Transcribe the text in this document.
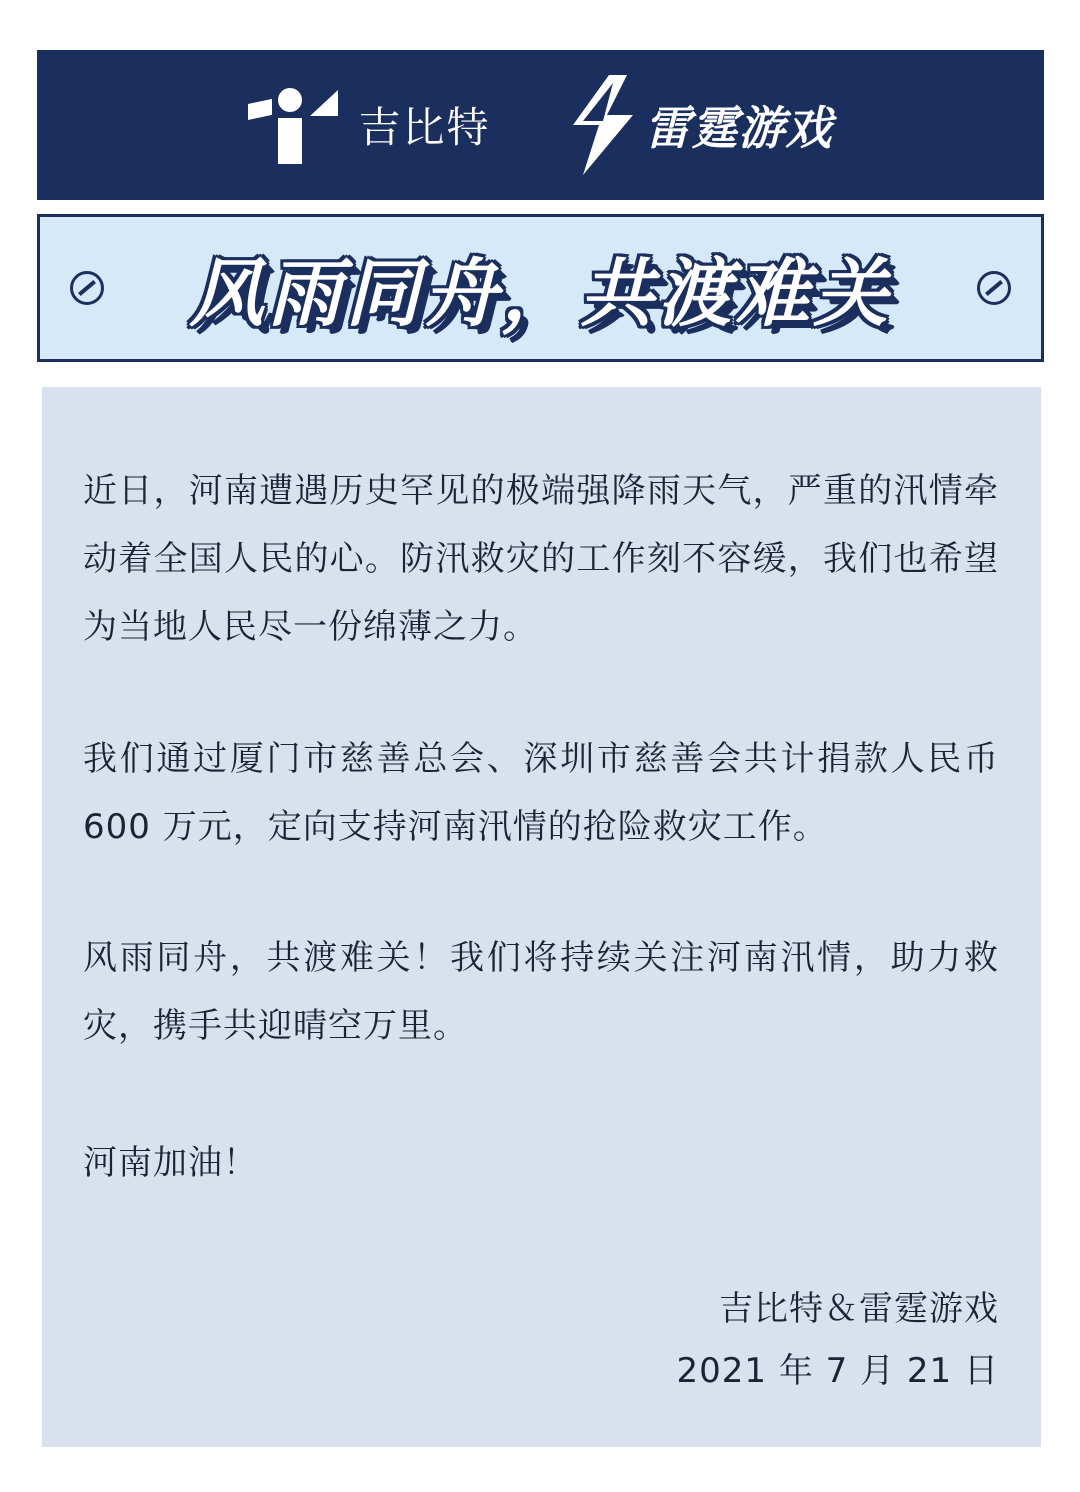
吉比特	雷霆游戏
风雨同舟，共渡难关

近日，河南遭遇历史罕见的极端强降雨天气，严重的汛情牵动着全国人民的心。防汛救灾的工作刻不容缓，我们也希望为当地人民尽一份绵薄之力。

我们通过厦门市慈善总会、深圳市慈善会共计捐款人民币 600 万元，定向支持河南汛情的抢险救灾工作。

风雨同舟，共渡难关！我们将持续关注河南汛情，助力救灾，携手共迎晴空万里。

河南加油！

吉比特＆雷霆游戏

2021 年 7 月 21 日
